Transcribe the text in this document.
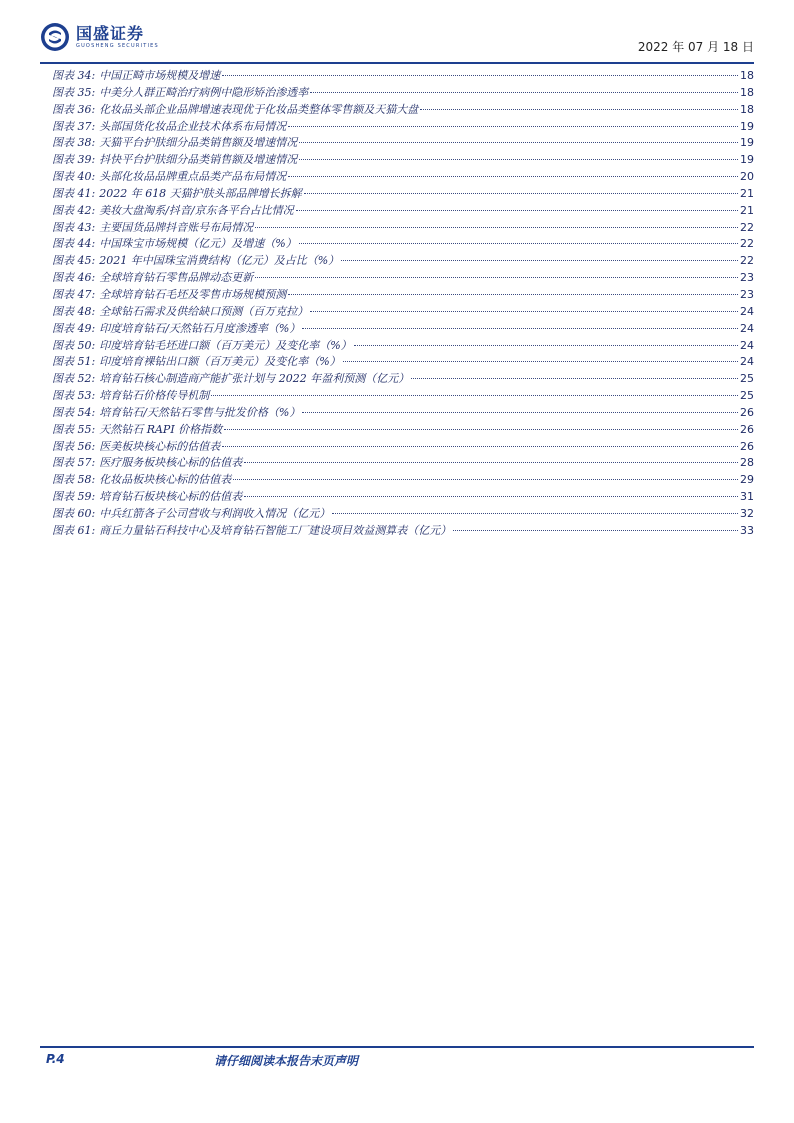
国盛证券
GUOSHENG SECURITIES	2022 年 07 月 18 日
图表 34: 中国正畸市场规模及增速	18
图表 35: 中美分人群正畸治疗病例中隐形矫治渗透率	18
图表 36: 化妆品头部企业品牌增速表现优于化妆品类整体零售额及天猫大盘	18
图表 37: 头部国货化妆品企业技术体系布局情况	19
图表 38: 天猫平台护肤细分品类销售额及增速情况	19
图表 39: 抖快平台护肤细分品类销售额及增速情况	19
图表 40: 头部化妆品品牌重点品类产品布局情况	20
图表 41: 2022 年 618 天猫护肤头部品牌增长拆解	21
图表 42: 美妆大盘淘系/抖音/京东各平台占比情况	21
图表 43: 主要国货品牌抖音账号布局情况	22
图表 44: 中国珠宝市场规模（亿元）及增速（%）	22
图表 45: 2021 年中国珠宝消费结构（亿元）及占比（%）	22
图表 46: 全球培育钻石零售品牌动态更新	23
图表 47: 全球培育钻石毛坯及零售市场规模预测	23
图表 48: 全球钻石需求及供给缺口预测（百万克拉）	24
图表 49: 印度培育钻石/天然钻石月度渗透率（%）	24
图表 50: 印度培育钻毛坯进口额（百万美元）及变化率（%）	24
图表 51: 印度培育裸钻出口额（百万美元）及变化率（%）	24
图表 52: 培育钻石核心制造商产能扩张计划与 2022 年盈利预测（亿元）	25
图表 53: 培育钻石价格传导机制	25
图表 54: 培育钻石/天然钻石零售与批发价格（%）	26
图表 55: 天然钻石 RAPI 价格指数	26
图表 56: 医美板块核心标的估值表	26
图表 57: 医疗服务板块核心标的估值表	28
图表 58: 化妆品板块核心标的估值表	29
图表 59: 培育钻石板块核心标的估值表	31
图表 60: 中兵红箭各子公司营收与利润收入情况（亿元）	32
图表 61: 商丘力量钻石科技中心及培育钻石智能工厂建设项目效益测算表（亿元）	33
P.4	请仔细阅读本报告末页声明
